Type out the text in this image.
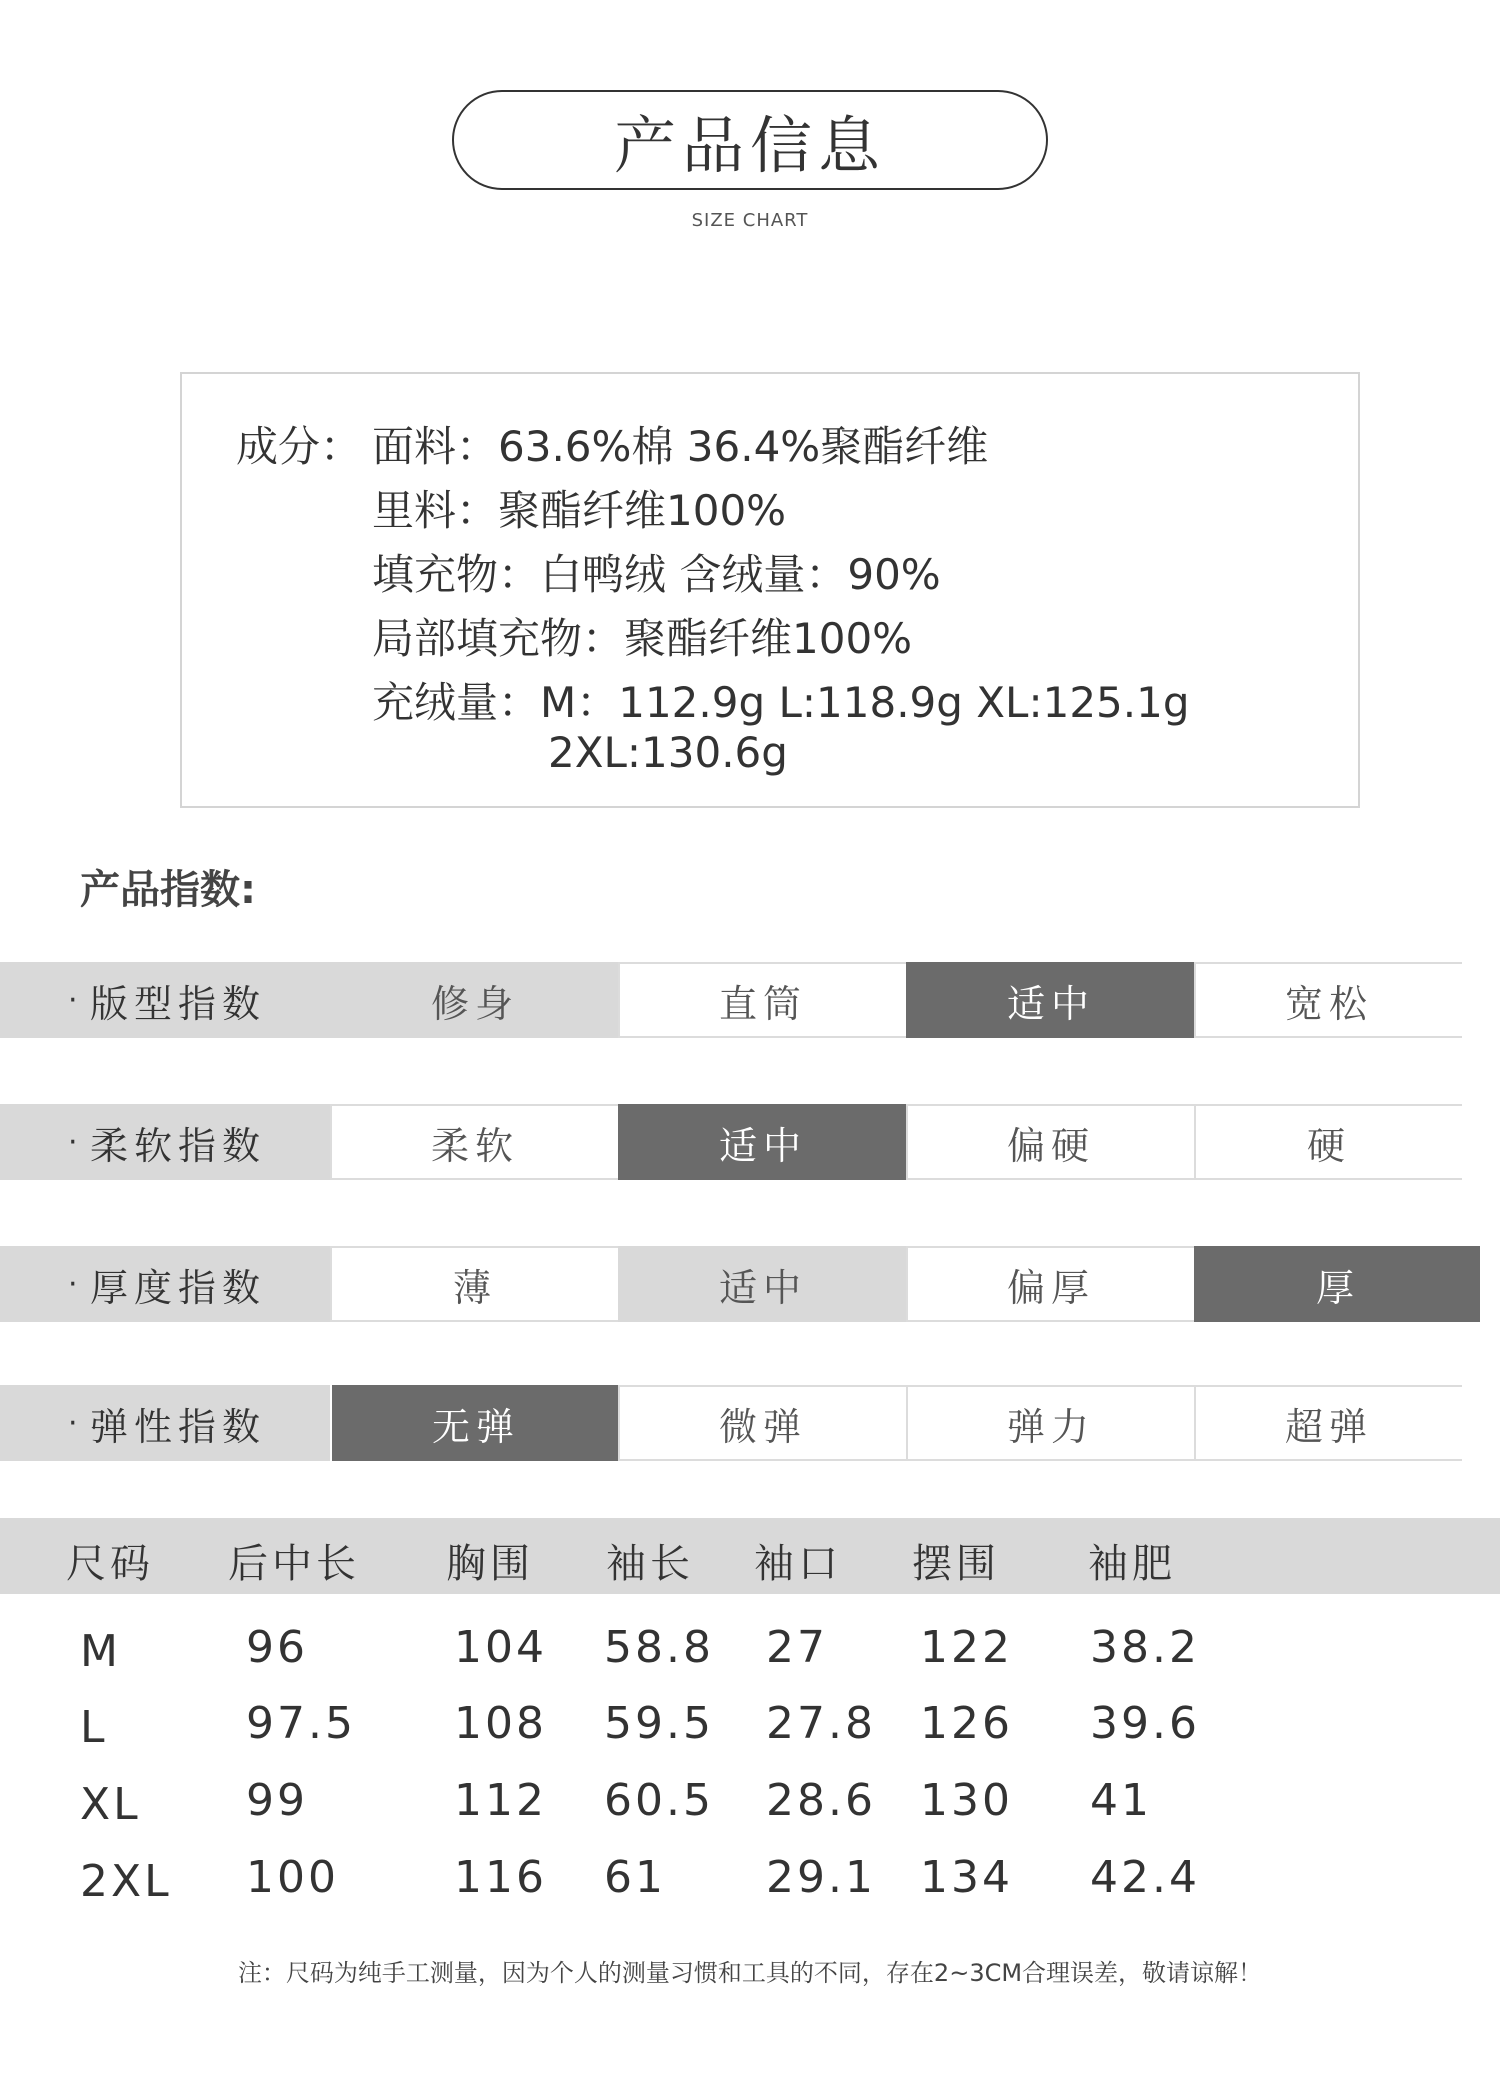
产品信息
SIZE CHART
成分： 面料：63.6%棉 36.4%聚酯纤维
里料：聚酯纤维100%
填充物：白鸭绒 含绒量：90%
局部填充物：聚酯纤维100%
充绒量：M：112.9g L:118.9g XL:125.1g
2XL:130.6g
产品指数:
· 版型指数	修身	直筒	适中	宽松
· 柔软指数	柔软	适中	偏硬	硬
· 厚度指数	薄	适中	偏厚	厚
· 弹性指数	无弹	微弹	弹力	超弹
尺码 后中长 胸围 袖长 袖口 摆围 袖肥
M	96	104 58.8 27 122 38.2
L	97.5 108 59.5 27.8 126 39.6
XL 99	112 60.5 28.6 130 41
2XL 100	116 61 29.1 134 42.4
注：尺码为纯手工测量，因为个人的测量习惯和工具的不同，存在2~3CM合理误差，敬请谅解！
